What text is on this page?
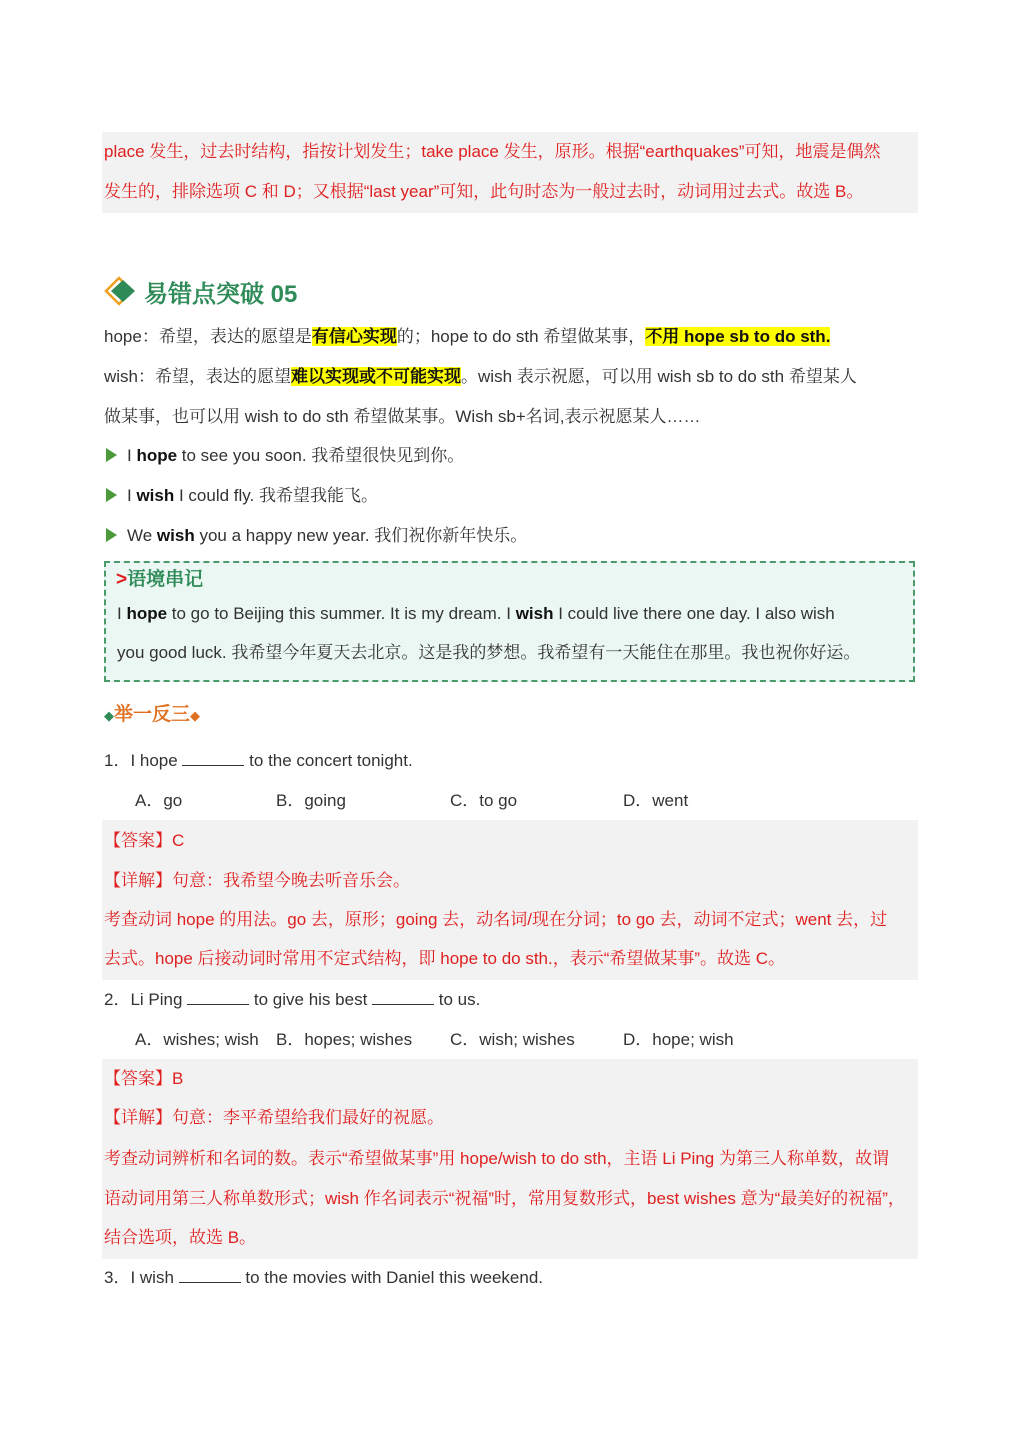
place 发生，过去时结构，指按计划发生；take place 发生，原形。根据“earthquakes”可知，地震是偶然
发生的，排除选项 C 和 D；又根据“last year”可知，此句时态为一般过去时，动词用过去式。故选 B。
易错点突破 05
hope：希望，表达的愿望是有信心实现的；hope to do sth 希望做某事，不用 hope sb to do sth.
wish：希望，表达的愿望难以实现或不可能实现。wish 表示祝愿，可以用 wish sb to do sth 希望某人
做某事，也可以用 wish to do sth 希望做某事。Wish sb+名词,表示祝愿某人……
I hope to see you soon. 我希望很快见到你。
I wish I could fly. 我希望我能飞。
We wish you a happy new year. 我们祝你新年快乐。
>语境串记
I hope to go to Beijing this summer. It is my dream. I wish I could live there one day. I also wish
you good luck. 我希望今年夏天去北京。这是我的梦想。我希望有一天能住在那里。我也祝你好运。
◆举一反三◆
1．I hope	to the concert tonight.
A．go	B．going	C．to go	D．went
【答案】C
【详解】句意：我希望今晚去听音乐会。
考查动词 hope 的用法。go 去，原形；going 去，动名词/现在分词；to go 去，动词不定式；went 去，过
去式。hope 后接动词时常用不定式结构，即 hope to do sth.，表示“希望做某事”。故选 C。
2．Li Ping	to give his best	to us.
A．wishes; wish B．hopes; wishes C．wish; wishes	D．hope; wish
【答案】B
【详解】句意：李平希望给我们最好的祝愿。
考查动词辨析和名词的数。表示“希望做某事”用 hope/wish to do sth，主语 Li Ping 为第三人称单数，故谓
语动词用第三人称单数形式；wish 作名词表示“祝福”时，常用复数形式，best wishes 意为“最美好的祝福”，
结合选项，故选 B。
3．I wish	to the movies with Daniel this weekend.
